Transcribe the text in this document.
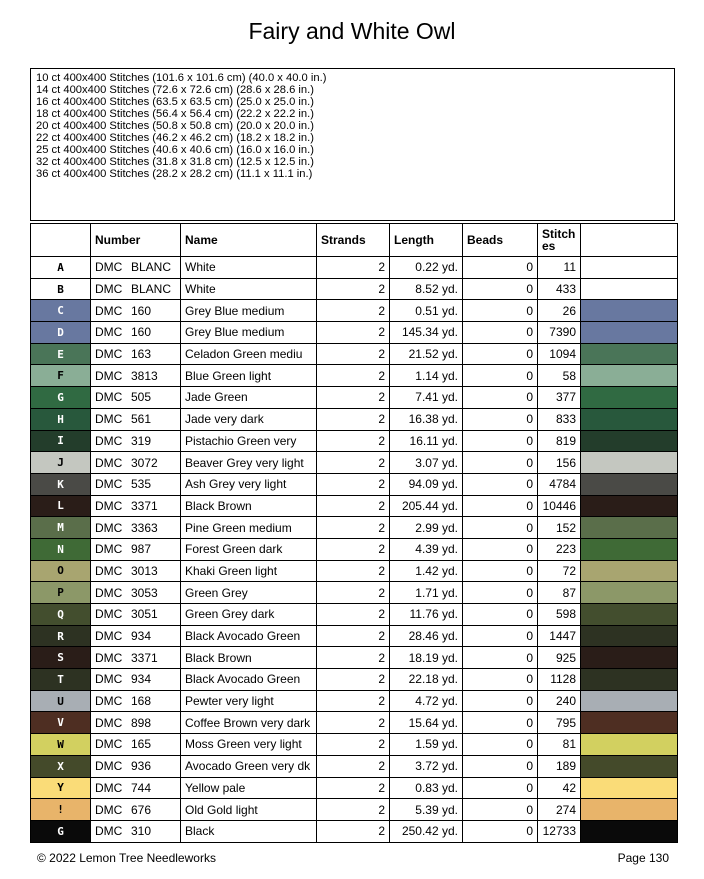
Fairy and White Owl
10 ct 400x400 Stitches (101.6 x 101.6 cm) (40.0 x 40.0 in.)
14 ct 400x400 Stitches (72.6 x 72.6 cm) (28.6 x 28.6 in.)
16 ct 400x400 Stitches (63.5 x 63.5 cm) (25.0 x 25.0 in.)
18 ct 400x400 Stitches (56.4 x 56.4 cm) (22.2 x 22.2 in.)
20 ct 400x400 Stitches (50.8 x 50.8 cm) (20.0 x 20.0 in.)
22 ct 400x400 Stitches (46.2 x 46.2 cm) (18.2 x 18.2 in.)
25 ct 400x400 Stitches (40.6 x 40.6 cm) (16.0 x 16.0 in.)
32 ct 400x400 Stitches (31.8 x 31.8 cm) (12.5 x 12.5 in.)
36 ct 400x400 Stitches (28.2 x 28.2 cm) (11.1 x 11.1 in.)
	Number	Name	Strands	Length	Beads	Stitch
es	
A	DMC BLANC	White	2	0.22 yd.	0	11	
B	DMC BLANC	White	2	8.52 yd.	0	433	
C	DMC 160	Grey Blue medium	2	0.51 yd.	0	26	
D	DMC 160	Grey Blue medium	2	145.34 yd.	0	7390	
E	DMC 163	Celadon Green mediu	2	21.52 yd.	0	1094	
F	DMC 3813	Blue Green light	2	1.14 yd.	0	58	
G	DMC 505	Jade Green	2	7.41 yd.	0	377	
H	DMC 561	Jade very dark	2	16.38 yd.	0	833	
I	DMC 319	Pistachio Green very	2	16.11 yd.	0	819	
J	DMC 3072	Beaver Grey very light	2	3.07 yd.	0	156	
K	DMC 535	Ash Grey very light	2	94.09 yd.	0	4784	
L	DMC 3371	Black Brown	2	205.44 yd.	0	10446	
M	DMC 3363	Pine Green medium	2	2.99 yd.	0	152	
N	DMC 987	Forest Green dark	2	4.39 yd.	0	223	
O	DMC 3013	Khaki Green light	2	1.42 yd.	0	72	
P	DMC 3053	Green Grey	2	1.71 yd.	0	87	
Q	DMC 3051	Green Grey dark	2	11.76 yd.	0	598	
R	DMC 934	Black Avocado Green	2	28.46 yd.	0	1447	
S	DMC 3371	Black Brown	2	18.19 yd.	0	925	
T	DMC 934	Black Avocado Green	2	22.18 yd.	0	1128	
U	DMC 168	Pewter very light	2	4.72 yd.	0	240	
V	DMC 898	Coffee Brown very dark	2	15.64 yd.	0	795	
W	DMC 165	Moss Green very light	2	1.59 yd.	0	81	
X	DMC 936	Avocado Green very dk	2	3.72 yd.	0	189	
Y	DMC 744	Yellow pale	2	0.83 yd.	0	42	
!	DMC 676	Old Gold light	2	5.39 yd.	0	274	
G	DMC 310	Black	2	250.42 yd.	0	12733	
© 2022 Lemon Tree Needleworks	Page 130
